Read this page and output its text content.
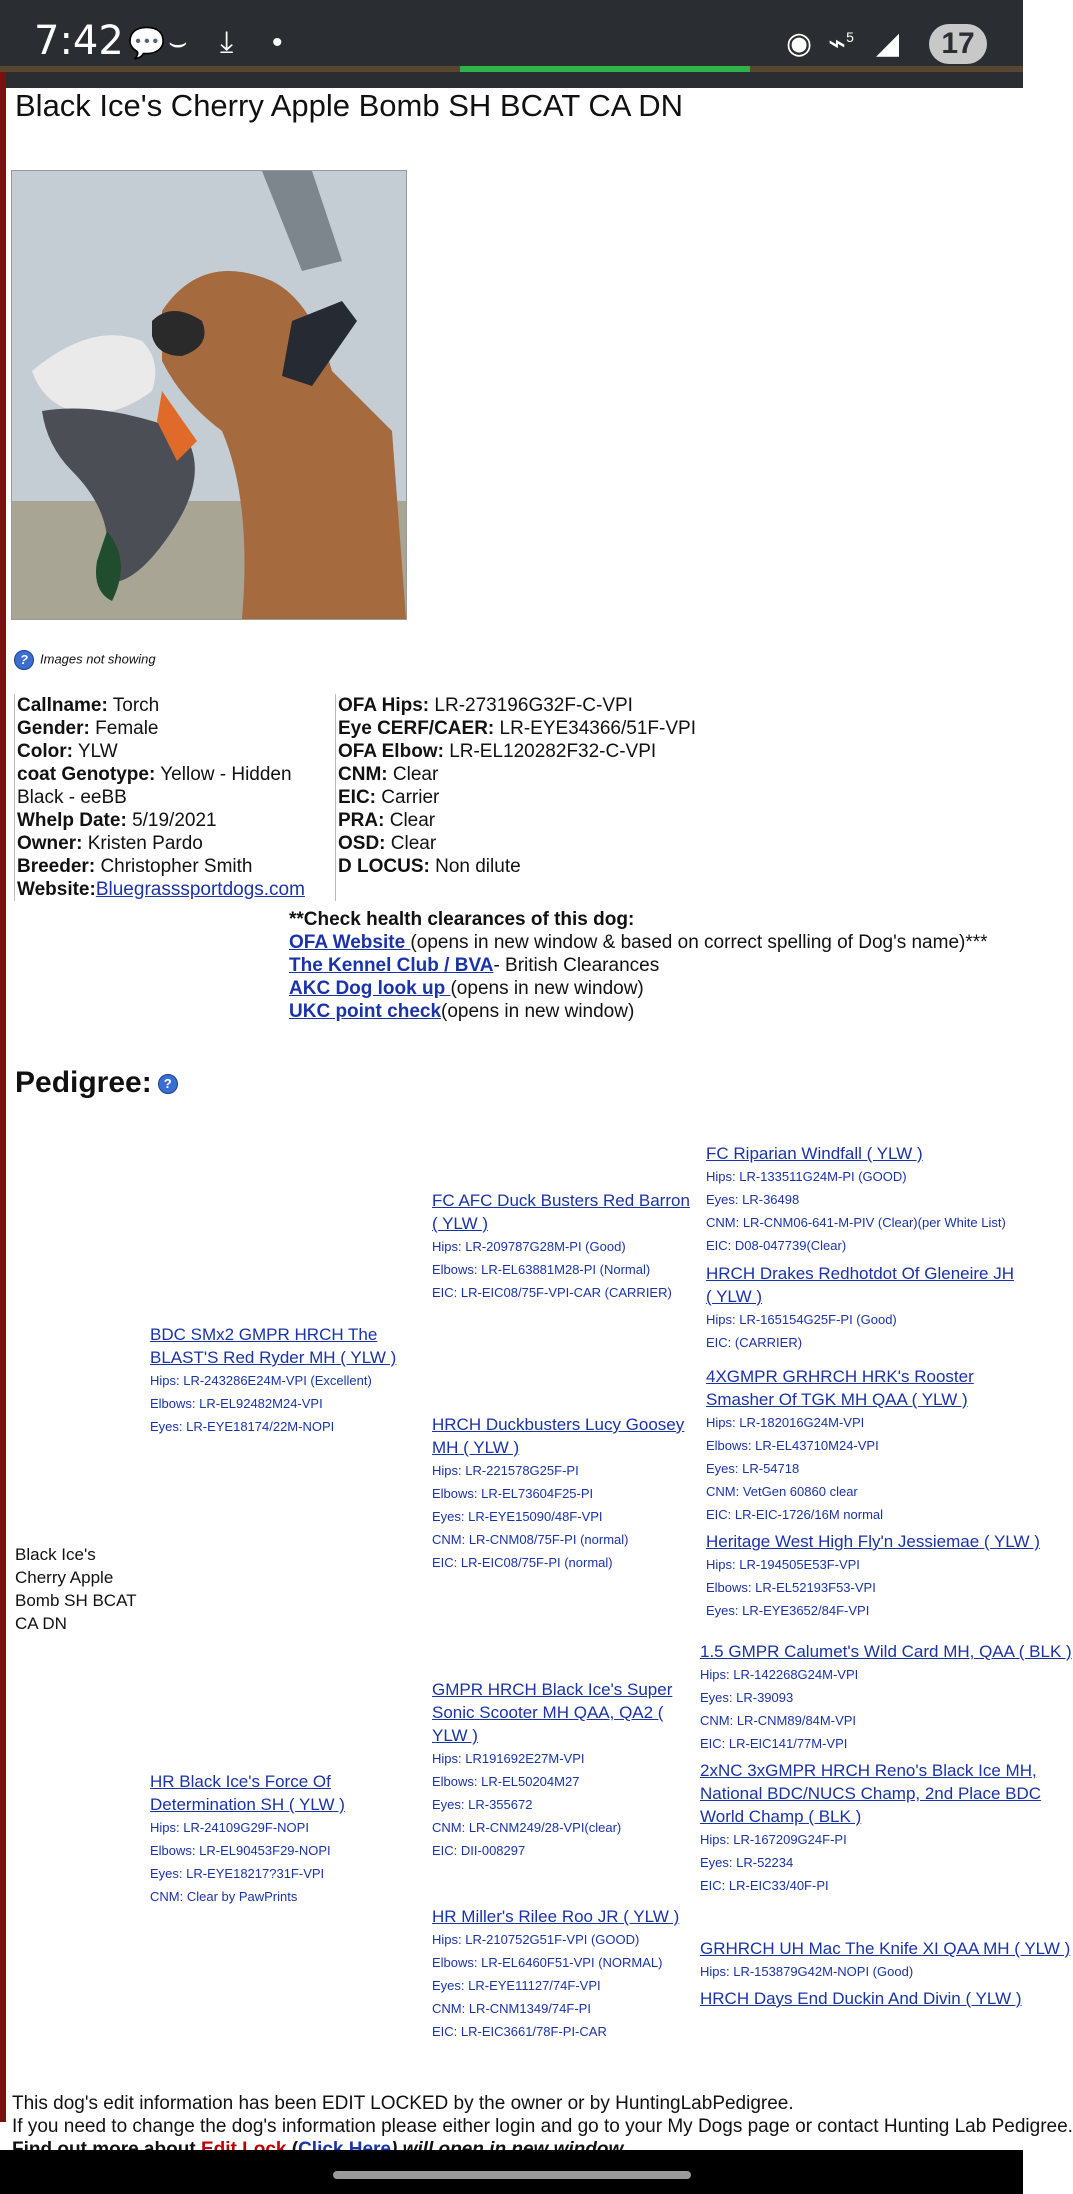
7:42 💬 ⌣ ⤓ •	◉ ⌁$^5$ ◢	17
Black Ice's Cherry Apple Bomb SH BCAT CA DN
? Images not showing
Callname: Torch
Gender: Female
Color: YLW
coat Genotype: Yellow - Hidden Black - eeBB
Whelp Date: 5/19/2021
Owner: Kristen Pardo
Breeder: Christopher Smith
Website:Bluegrasssportdogs.com
OFA Hips: LR-273196G32F-C-VPI
Eye CERF/CAER: LR-EYE34366/51F-VPI
OFA Elbow: LR-EL120282F32-C-VPI
CNM: Clear
EIC: Carrier
PRA: Clear
OSD: Clear
D LOCUS: Non dilute
**Check health clearances of this dog:
OFA Website (opens in new window & based on correct spelling of Dog's name)***
The Kennel Club / BVA- British Clearances
AKC Dog look up (opens in new window)
UKC point check(opens in new window)
Pedigree: ?
Black Ice's Cherry Apple Bomb SH BCAT CA DN
BDC SMx2 GMPR HRCH The BLAST'S Red Ryder MH ( YLW )
Hips: LR-243286E24M-VPI (Excellent)
Elbows: LR-EL92482M24-VPI
Eyes: LR-EYE18174/22M-NOPI
HR Black Ice's Force Of Determination SH ( YLW )
Hips: LR-24109G29F-NOPI
Elbows: LR-EL90453F29-NOPI
Eyes: LR-EYE18217?31F-VPI
CNM: Clear by PawPrints
FC AFC Duck Busters Red Barron ( YLW )
Hips: LR-209787G28M-PI (Good)
Elbows: LR-EL63881M28-PI (Normal)
EIC: LR-EIC08/75F-VPI-CAR (CARRIER)
HRCH Duckbusters Lucy Goosey MH ( YLW )
Hips: LR-221578G25F-PI
Elbows: LR-EL73604F25-PI
Eyes: LR-EYE15090/48F-VPI
CNM: LR-CNM08/75F-PI (normal)
EIC: LR-EIC08/75F-PI (normal)
GMPR HRCH Black Ice's Super Sonic Scooter MH QAA, QA2 ( YLW )
Hips: LR191692E27M-VPI
Elbows: LR-EL50204M27
Eyes: LR-355672
CNM: LR-CNM249/28-VPI(clear)
EIC: DII-008297
HR Miller's Rilee Roo JR ( YLW )
Hips: LR-210752G51F-VPI (GOOD)
Elbows: LR-EL6460F51-VPI (NORMAL)
Eyes: LR-EYE11127/74F-VPI
CNM: LR-CNM1349/74F-PI
EIC: LR-EIC3661/78F-PI-CAR
FC Riparian Windfall ( YLW )
Hips: LR-133511G24M-PI (GOOD)
Eyes: LR-36498
CNM: LR-CNM06-641-M-PIV (Clear)(per White List)
EIC: D08-047739(Clear)
HRCH Drakes Redhotdot Of Gleneire JH ( YLW )
Hips: LR-165154G25F-PI (Good)
EIC: (CARRIER)
4XGMPR GRHRCH HRK's Rooster Smasher Of TGK MH QAA ( YLW )
Hips: LR-182016G24M-VPI
Elbows: LR-EL43710M24-VPI
Eyes: LR-54718
CNM: VetGen 60860 clear
EIC: LR-EIC-1726/16M normal
Heritage West High Fly'n Jessiemae ( YLW )
Hips: LR-194505E53F-VPI
Elbows: LR-EL52193F53-VPI
Eyes: LR-EYE3652/84F-VPI
1.5 GMPR Calumet's Wild Card MH, QAA ( BLK )
Hips: LR-142268G24M-VPI
Eyes: LR-39093
CNM: LR-CNM89/84M-VPI
EIC: LR-EIC141/77M-VPI
2xNC 3xGMPR HRCH Reno's Black Ice MH, National BDC/NUCS Champ, 2nd Place BDC World Champ ( BLK )
Hips: LR-167209G24F-PI
Eyes: LR-52234
EIC: LR-EIC33/40F-PI
GRHRCH UH Mac The Knife XI QAA MH ( YLW )
Hips: LR-153879G42M-NOPI (Good)
HRCH Days End Duckin And Divin ( YLW )
This dog's edit information has been EDIT LOCKED by the owner or by HuntingLabPedigree.
If you need to change the dog's information please either login and go to your My Dogs page or contact Hunting Lab Pedigree.
